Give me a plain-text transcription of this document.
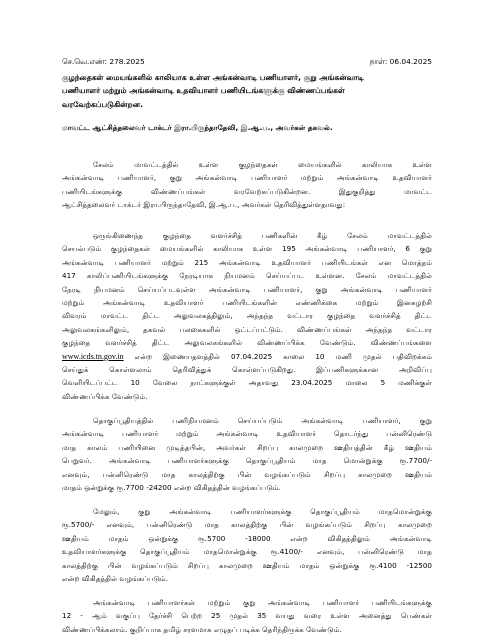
செ.வெ.எண்: 278.2025	நாள்: 06.04.2025
குழந்தைகள் மையங்களில் காலியாக உள்ள அங்கன்வாடி பணியாளர், குறு அங்கன்வாடி
பணியாளர் மற்றும் அங்கன்வாடி உதவியாளர் பணியிடங்களுக்கு விண்ணப்பங்கள்
வரவேற்கப்படுகின்றன.
மாவட்ட ஆட்சித்தலைவர் டாக்டர் இரா.பிருந்தாதேவி, இ.ஆ.ப., அவர்கள் தகவல்.
சேலம் மாவட்டத்தில் உள்ள குழந்தைகள் மையங்களில் காலியாக உள்ள
அங்கன்வாடி பணியாளர், குறு அங்கன்வாடி பணியாளர் மற்றும் அங்கன்வாடி உதவியாளர்
பணியிடங்களுக்கு விண்ணப்பங்கள் வரவேற்கப்படுகின்றன. இதுகுறித்து மாவட்ட
ஆட்சித்தலைவர் டாக்டர் இரா.பிருந்தாதேவி, இ.ஆ.ப., அவர்கள் தெரிவித்துள்ளதாவது:
ஒருங்கிணைந்த குழந்தை வளர்ச்சித் பணிகளின் கீழ் சேலம் மாவட்டத்தில்
செயல்படும் குழந்தைகள் மையங்களில் காலியாக உள்ள 195 அங்கன்வாடி பணியாளர், 6 குறு
அங்கன்வாடி பணியாளர் மற்றும் 215 அங்கன்வாடி உதவியாளர் பணியிடங்கள் என மொத்தம்
417 காலிப்பணியிடங்களுக்கு நேரடியாக நியமனம் செய்யப்பட உள்ளன. சேலம் மாவட்டத்தில்
நேரடி நியமனம் செய்யப்படவுள்ள அங்கன்வாடி பணியாளர், குறு அங்கன்வாடி பணியாளர்
மற்றும் அங்கன்வாடி உதவியாளர் பணியிடங்களின் எண்ணிக்கை மற்றும் இனசுழற்சி
விவரம் மாவட்ட திட்ட அலுவலகத்திலும், அந்தந்த வட்டார குழந்தை வளர்ச்சித் திட்ட
அலுவலகங்களிலும், தகவல் பலகைகளில் ஒட்டப்பட்டும். விண்ணப்பங்கள் அந்தந்த வட்டார
குழந்தை வளர்ச்சித் திட்ட அலுவலகங்களில் விண்ணப்பிக்க வேண்டும். விண்ணப்பங்களை
www.icds.tn.gov.in என்ற இணையதளத்தில் 07.04.2025 காலை 10 மணி முதல் பதிவிறக்கம்
செய்துக் கொள்ளலாம் தெரிவித்துக் கொள்ளப்படுகிறது. இப்பணிகளுக்கான அறிவிப்பு
வெளியிடப்பட்ட 10 வேலை நாட்களுக்குள் அதாவது 23.04.2025 மாலை 5 மணிக்குள்
விண்ணப்பிக்க வேண்டும்.
தொகுப்பூதியத்தில் பணிநியமனம் செய்யப்படும் அங்கன்வாடி பணியாளர், குறு
அங்கன்வாடி பணியாளர் மற்றும் அங்கன்வாடி உதவியாளர் தொடர்ந்து பன்னிரெண்டு
மாத காலம் பணியினை முடித்தபின், அவர்கள் சிறப்பு காலமுறை ஊதியத்தின் கீழ் ஊதியம்
பெறுவர். அங்கன்வாடி பணியாளர்களுக்கு தொகுப்பூதியம் மாத மொன்றுக்கு ரூ.7700/-
எனவும், பன்னிரெண்டு மாத காலத்திற்கு பின் வழங்கப்படும் சிறப்பு காலமுறை ஊதியம்
மாதம் ஒன்றுக்கு ரூ.7700 -24200 என்ற விகிதத்தின் வழங்கப்படும்.
மேலும், குறு அங்கன்வாடி பணியாளர்களுக்கு தொகுப்பூதியம் மாதமொன்றுக்கு
ரூ.5700/- எனவும், பன்னிரெண்டு மாத காலத்திற்கு பின் வழங்கப்படும் சிறப்பு காலமுறை
ஊதியம் மாதம் ஒன்றுக்கு ரூ.5700 -18000 என்ற விகிதத்திலும் அங்கன்வாடி
உதவியாளர்களுக்கு தொகுப்பூதியம் மாதமொன்றுக்கு ரூ.4100/- எனவும், பன்னிரெண்டு மாத
காலத்திற்கு பின் வழங்கப்படும் சிறப்பு காலமுறை ஊதியம் மாதம் ஒன்றுக்கு ரூ.4100 -12500
என்ற விகிதத்தில் வழங்கப்படும்.
அங்கன்வாடி பணியாளர்கள் மற்றும் குறு அங்கன்வாடி பணியாளர் பணியிடங்களுக்கு
12 - ஆம் வகுப்பு தேர்ச்சி பெற்ற 25 முதல் 35 வயது வரை உள்ள அனைத்து பெண்கள்
விண்ணப்பிக்கலாம். குறிப்பாக தமிழ் சரளமாக எழுதப் படிக்க தெரிந்திருக்க வேண்டும்.
